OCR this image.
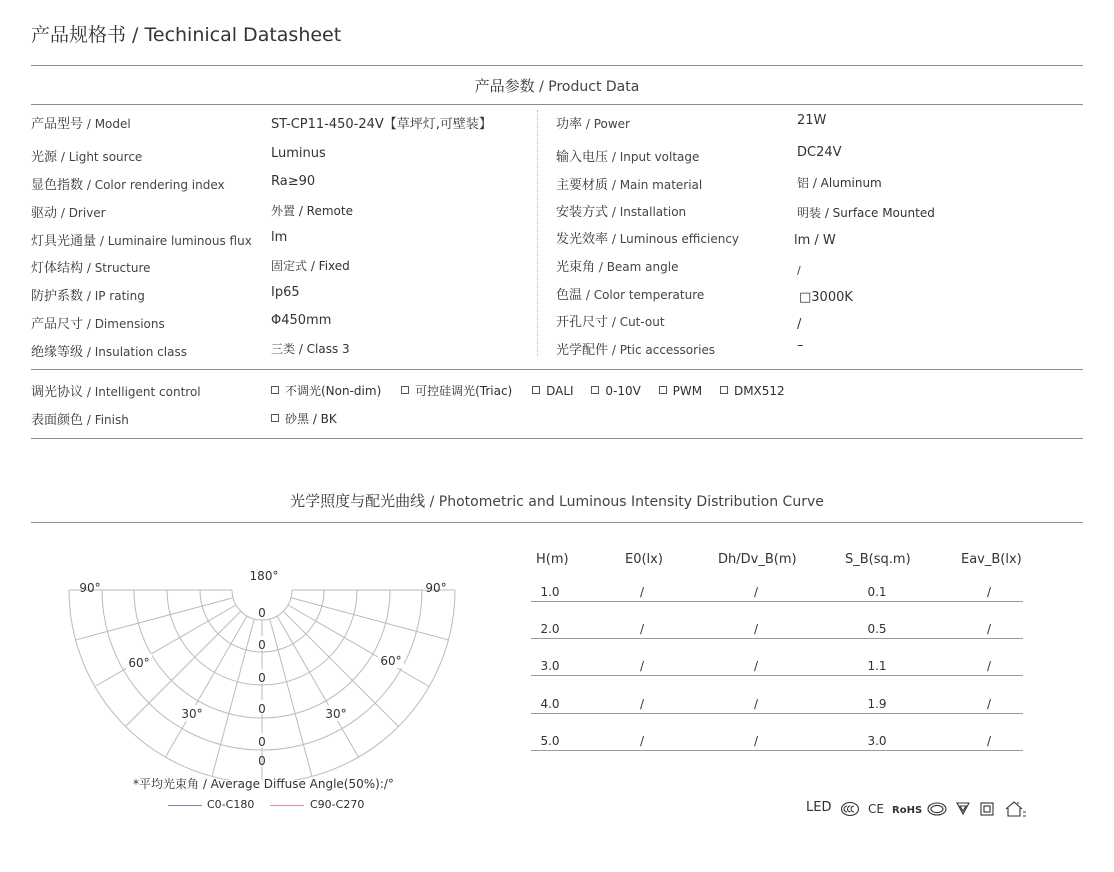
产品规格书 / Techinical Datasheet
产品参数 / Product Data
产品型号 / Model	ST-CP11-450-24V【草坪灯,可壁装】
光源 / Light source	Luminus
显色指数 / Color rendering index	Ra≥90
驱动 / Driver	外置 / Remote
灯具光通量 / Luminaire luminous flux lm
灯体结构 / Structure	固定式 / Fixed
防护系数 / IP rating	Ip65
产品尺寸 / Dimensions	Φ450mm
绝缘等级 / Insulation class	三类 / Class 3
功率 / Power	21W
输入电压 / Input voltage	DC24V
主要材质 / Main material	铝 / Aluminum
安装方式 / Installation	明装 / Surface Mounted
发光效率 / Luminous efficiency	lm / W
光束角 / Beam angle	/
色温 / Color temperature	□3000K
开孔尺寸 / Cut-out	/
光学配件 / Ptic accessories	–
调光协议 / Intelligent control	不调光(Non-dim)	可控硅调光(Triac)	DALI	0-10V	PWM	DMX512
表面颜色 / Finish	砂黑 / BK
光学照度与配光曲线 / Photometric and Luminous Intensity Distribution Curve
180°
90°	90°
60°	60°
30°	30°
0
0
0
0
0
0
*平均光束角 / Average Diffuse Angle(50%):/°
C0-C180	C90-C270
H(m)	E0(lx)	Dh/Dv_B(m)	S_B(sq.m)	Eav_B(lx)
1.0	/	/	0.1	/
2.0	/	/	0.5	/
3.0	/	/	1.1	/
4.0	/	/	1.9	/
5.0	/	/	3.0	/
LED	CE RoHS
